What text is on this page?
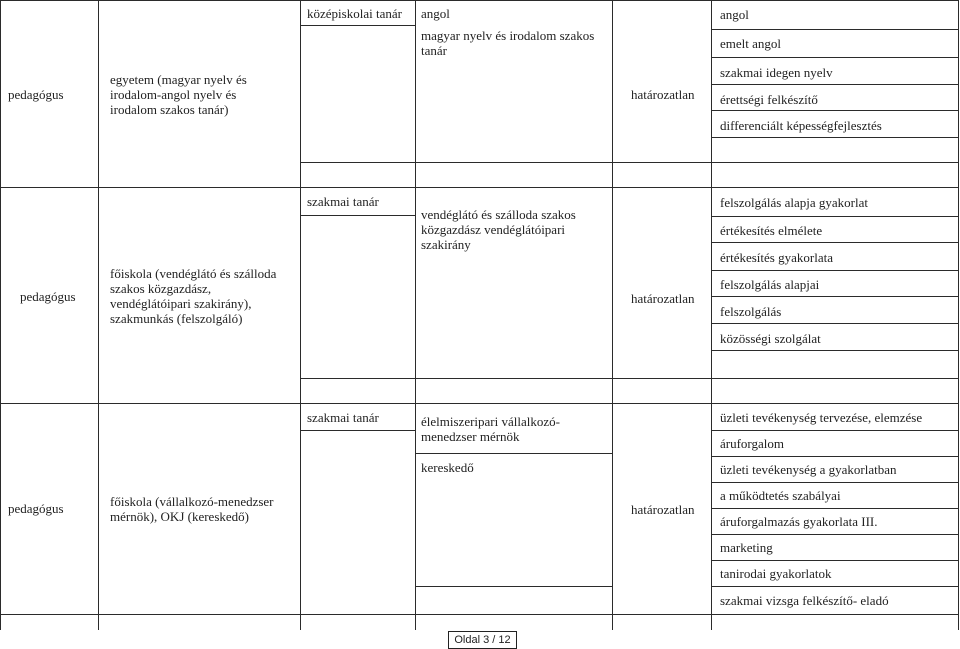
pedagógus
egyetem (magyar nyelv és irodalom-angol nyelv és irodalom szakos tanár)
középiskolai tanár angol
magyar nyelv és irodalom szakos tanár
határozatlan
angol
emelt angol
szakmai idegen nyelv
érettségi felkészítő
differenciált képességfejlesztés
pedagógus
főiskola (vendéglátó és szálloda szakos közgazdász, vendéglátóipari szakirány), szakmunkás (felszolgáló)
szakmai tanár
vendéglátó és szálloda szakos közgazdász vendéglátóipari szakirány
határozatlan
felszolgálás alapja gyakorlat
értékesítés elmélete
értékesítés gyakorlata
felszolgálás alapjai
felszolgálás
közösségi szolgálat
pedagógus	főiskola (vállalkozó-menedzser mérnök), OKJ (kereskedő)
szakmai tanár	élelmiszeripari vállalkozó-menedzser mérnök
kereskedő
határozatlan
üzleti tevékenység tervezése, elemzése
áruforgalom
üzleti tevékenység a gyakorlatban
a működtetés szabályai
áruforgalmazás gyakorlata III.
marketing
tanirodai gyakorlatok
szakmai vizsga felkészítő- eladó
Oldal 3 / 12
